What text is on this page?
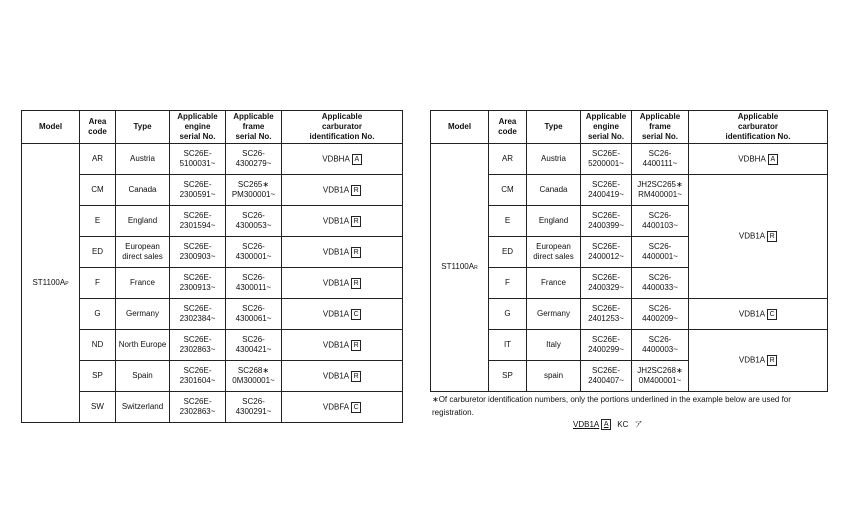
Model	Area
code	Type	Applicable
engine
serial No.	Applicable
frame
serial No.	Applicable
carburator
identification No.
ST1100AP	AR	Austria	SC26E-
5100031~	SC26-
4300279~	VDBHA A
	CM	Canada	SC26E-
2300591~	SC265∗
PM300001~	VDB1A R
	E	England	SC26E-
2301594~	SC26-
4300053~	VDB1A R
	ED	European direct sales	SC26E-
2300903~	SC26-
4300001~	VDB1A R
	F	France	SC26E-
2300913~	SC26-
4300011~	VDB1A R
	G	Germany	SC26E-
2302384~	SC26-
4300061~	VDB1A C
	ND	North Europe	SC26E-
2302863~	SC26-
4300421~	VDB1A R
	SP	Spain	SC26E-
2301604~	SC268∗
0M300001~	VDB1A R
	SW	Switzerland	SC26E-
2302863~	SC26-
4300291~	VDBFA C
Model	Area
code	Type	Applicable
engine
serial No.	Applicable
frame
serial No.	Applicable
carburator
identification No.
ST1100AR	AR	Austria	SC26E-
5200001~	SC26-
4400111~	VDBHA A
	CM	Canada	SC26E-
2400419~	JH2SC265∗
RM400001~	VDB1A R
	E	England	SC26E-
2400399~	SC26-
4400103~	
	ED	European direct sales	SC26E-
2400012~	SC26-
4400001~	
	F	France	SC26E-
2400329~	SC26-
4400033~	
	G	Germany	SC26E-
2401253~	SC26-
4400209~	VDB1A C
	IT	Italy	SC26E-
2400299~	SC26-
4400003~	VDB1A R
	SP	spain	SC26E-
2400407~	JH2SC268∗
0M400001~	
∗Of carburetor identification numbers, only the portions underlined in the example below are used for registration.
VDB1A A KC ア
